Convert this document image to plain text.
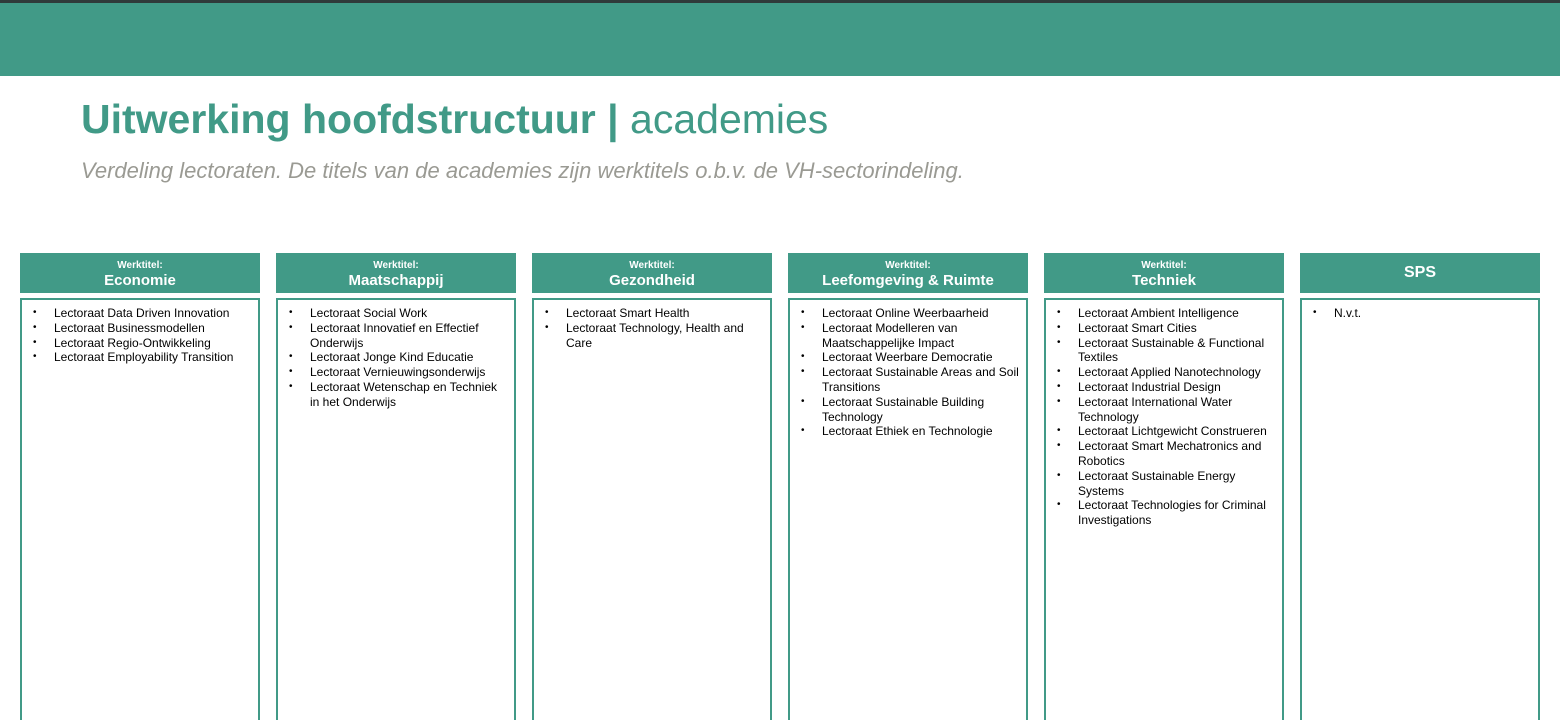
Uitwerking hoofdstructuur | academies

Verdeling lectoraten. De titels van de academies zijn werktitels o.b.v. de VH-sectorindeling.

Werktitel:
Economie
• Lectoraat Data Driven Innovation
• Lectoraat Businessmodellen
• Lectoraat Regio-Ontwikkeling
• Lectoraat Employability Transition
Werktitel:
Maatschappij
• Lectoraat Social Work
• Lectoraat Innovatief en Effectief Onderwijs
• Lectoraat Jonge Kind Educatie
• Lectoraat Vernieuwingsonderwijs
• Lectoraat Wetenschap en Techniek in het Onderwijs
Werktitel:
Gezondheid
• Lectoraat Smart Health
• Lectoraat Technology, Health and Care
Werktitel:
Leefomgeving & Ruimte
• Lectoraat Online Weerbaarheid
• Lectoraat Modelleren van Maatschappelijke Impact
• Lectoraat Weerbare Democratie
• Lectoraat Sustainable Areas and Soil Transitions
• Lectoraat Sustainable Building Technology
• Lectoraat Ethiek en Technologie
Werktitel:
Techniek
• Lectoraat Ambient Intelligence
• Lectoraat Smart Cities
• Lectoraat Sustainable & Functional Textiles
• Lectoraat Applied Nanotechnology
• Lectoraat Industrial Design
• Lectoraat International Water Technology
• Lectoraat Lichtgewicht Construeren
• Lectoraat Smart Mechatronics and Robotics
• Lectoraat Sustainable Energy Systems
• Lectoraat Technologies for Criminal Investigations
SPS
• N.v.t.
